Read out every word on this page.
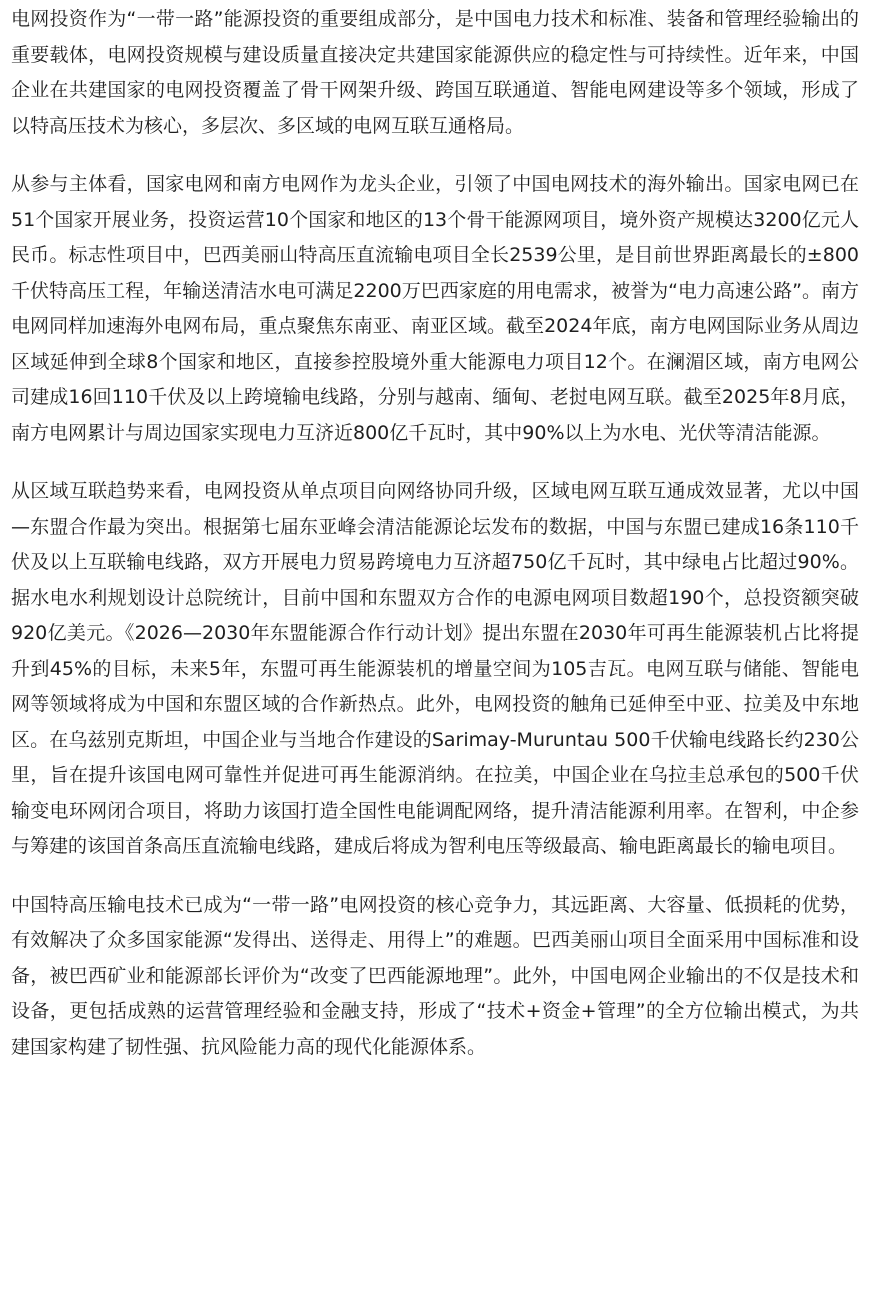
电网投资作为“一带一路”能源投资的重要组成部分，是中国电力技术和标准、装备和管理经验输出的重要载体，电网投资规模与建设质量直接决定共建国家能源供应的稳定性与可持续性。近年来，中国企业在共建国家的电网投资覆盖了骨干网架升级、跨国互联通道、智能电网建设等多个领域，形成了以特高压技术为核心，多层次、多区域的电网互联互通格局。

从参与主体看，国家电网和南方电网作为龙头企业，引领了中国电网技术的海外输出。国家电网已在51个国家开展业务，投资运营10个国家和地区的13个骨干能源网项目，境外资产规模达3200亿元人民币。标志性项目中，巴西美丽山特高压直流输电项目全长2539公里，是目前世界距离最长的±800千伏特高压工程，年输送清洁水电可满足2200万巴西家庭的用电需求，被誉为“电力高速公路”。南方电网同样加速海外电网布局，重点聚焦东南亚、南亚区域。截至2024年底，南方电网国际业务从周边区域延伸到全球8个国家和地区，直接参控股境外重大能源电力项目12个。在澜湄区域，南方电网公司建成16回110千伏及以上跨境输电线路，分别与越南、缅甸、老挝电网互联。截至2025年8月底，南方电网累计与周边国家实现电力互济近800亿千瓦时，其中90%以上为水电、光伏等清洁能源。

从区域互联趋势来看，电网投资从单点项目向网络协同升级，区域电网互联互通成效显著，尤以中国—东盟合作最为突出。根据第七届东亚峰会清洁能源论坛发布的数据，中国与东盟已建成16条110千伏及以上互联输电线路，双方开展电力贸易跨境电力互济超750亿千瓦时，其中绿电占比超过90%。据水电水利规划设计总院统计，目前中国和东盟双方合作的电源电网项目数超190个，总投资额突破920亿美元。《2026—2030年东盟能源合作行动计划》提出东盟在2030年可再生能源装机占比将提升到45%的目标，未来5年，东盟可再生能源装机的增量空间为105吉瓦。电网互联与储能、智能电网等领域将成为中国和东盟区域的合作新热点。此外，电网投资的触角已延伸至中亚、拉美及中东地区。在乌兹别克斯坦，中国企业与当地合作建设的Sarimay-Muruntau 500千伏输电线路长约230公里，旨在提升该国电网可靠性并促进可再生能源消纳。在拉美，中国企业在乌拉圭总承包的500千伏输变电环网闭合项目，将助力该国打造全国性电能调配网络，提升清洁能源利用率。在智利，中企参与筹建的该国首条高压直流输电线路，建成后将成为智利电压等级最高、输电距离最长的输电项目。

中国特高压输电技术已成为“一带一路”电网投资的核心竞争力，其远距离、大容量、低损耗的优势，有效解决了众多国家能源“发得出、送得走、用得上”的难题。巴西美丽山项目全面采用中国标准和设备，被巴西矿业和能源部长评价为“改变了巴西能源地理”。此外，中国电网企业输出的不仅是技术和设备，更包括成熟的运营管理经验和金融支持，形成了“技术+资金+管理”的全方位输出模式，为共建国家构建了韧性强、抗风险能力高的现代化能源体系。
